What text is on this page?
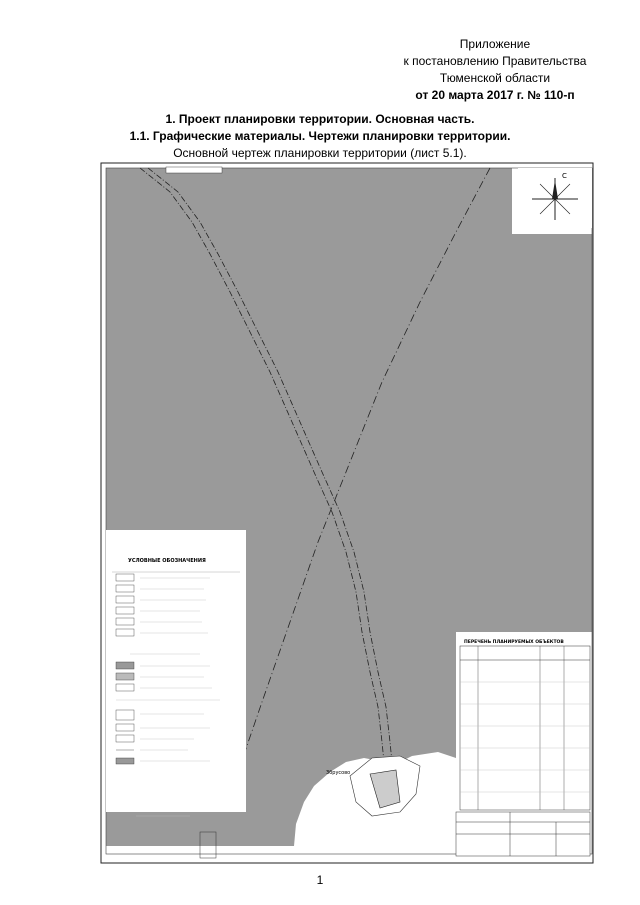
Приложение
к постановлению Правительства
Тюменской области
от 20 марта 2017 г. № 110-п
1. Проект планировки территории. Основная часть.
1.1. Графические материалы. Чертежи планировки территории.
Основной чертеж планировки территории (лист 5.1).
С
УСЛОВНЫЕ ОБОЗНАЧЕНИЯ
ПЕРЕЧЕНЬ ПЛАНИРУЕМЫХ ОБЪЕКТОВ
Збрусово
1
